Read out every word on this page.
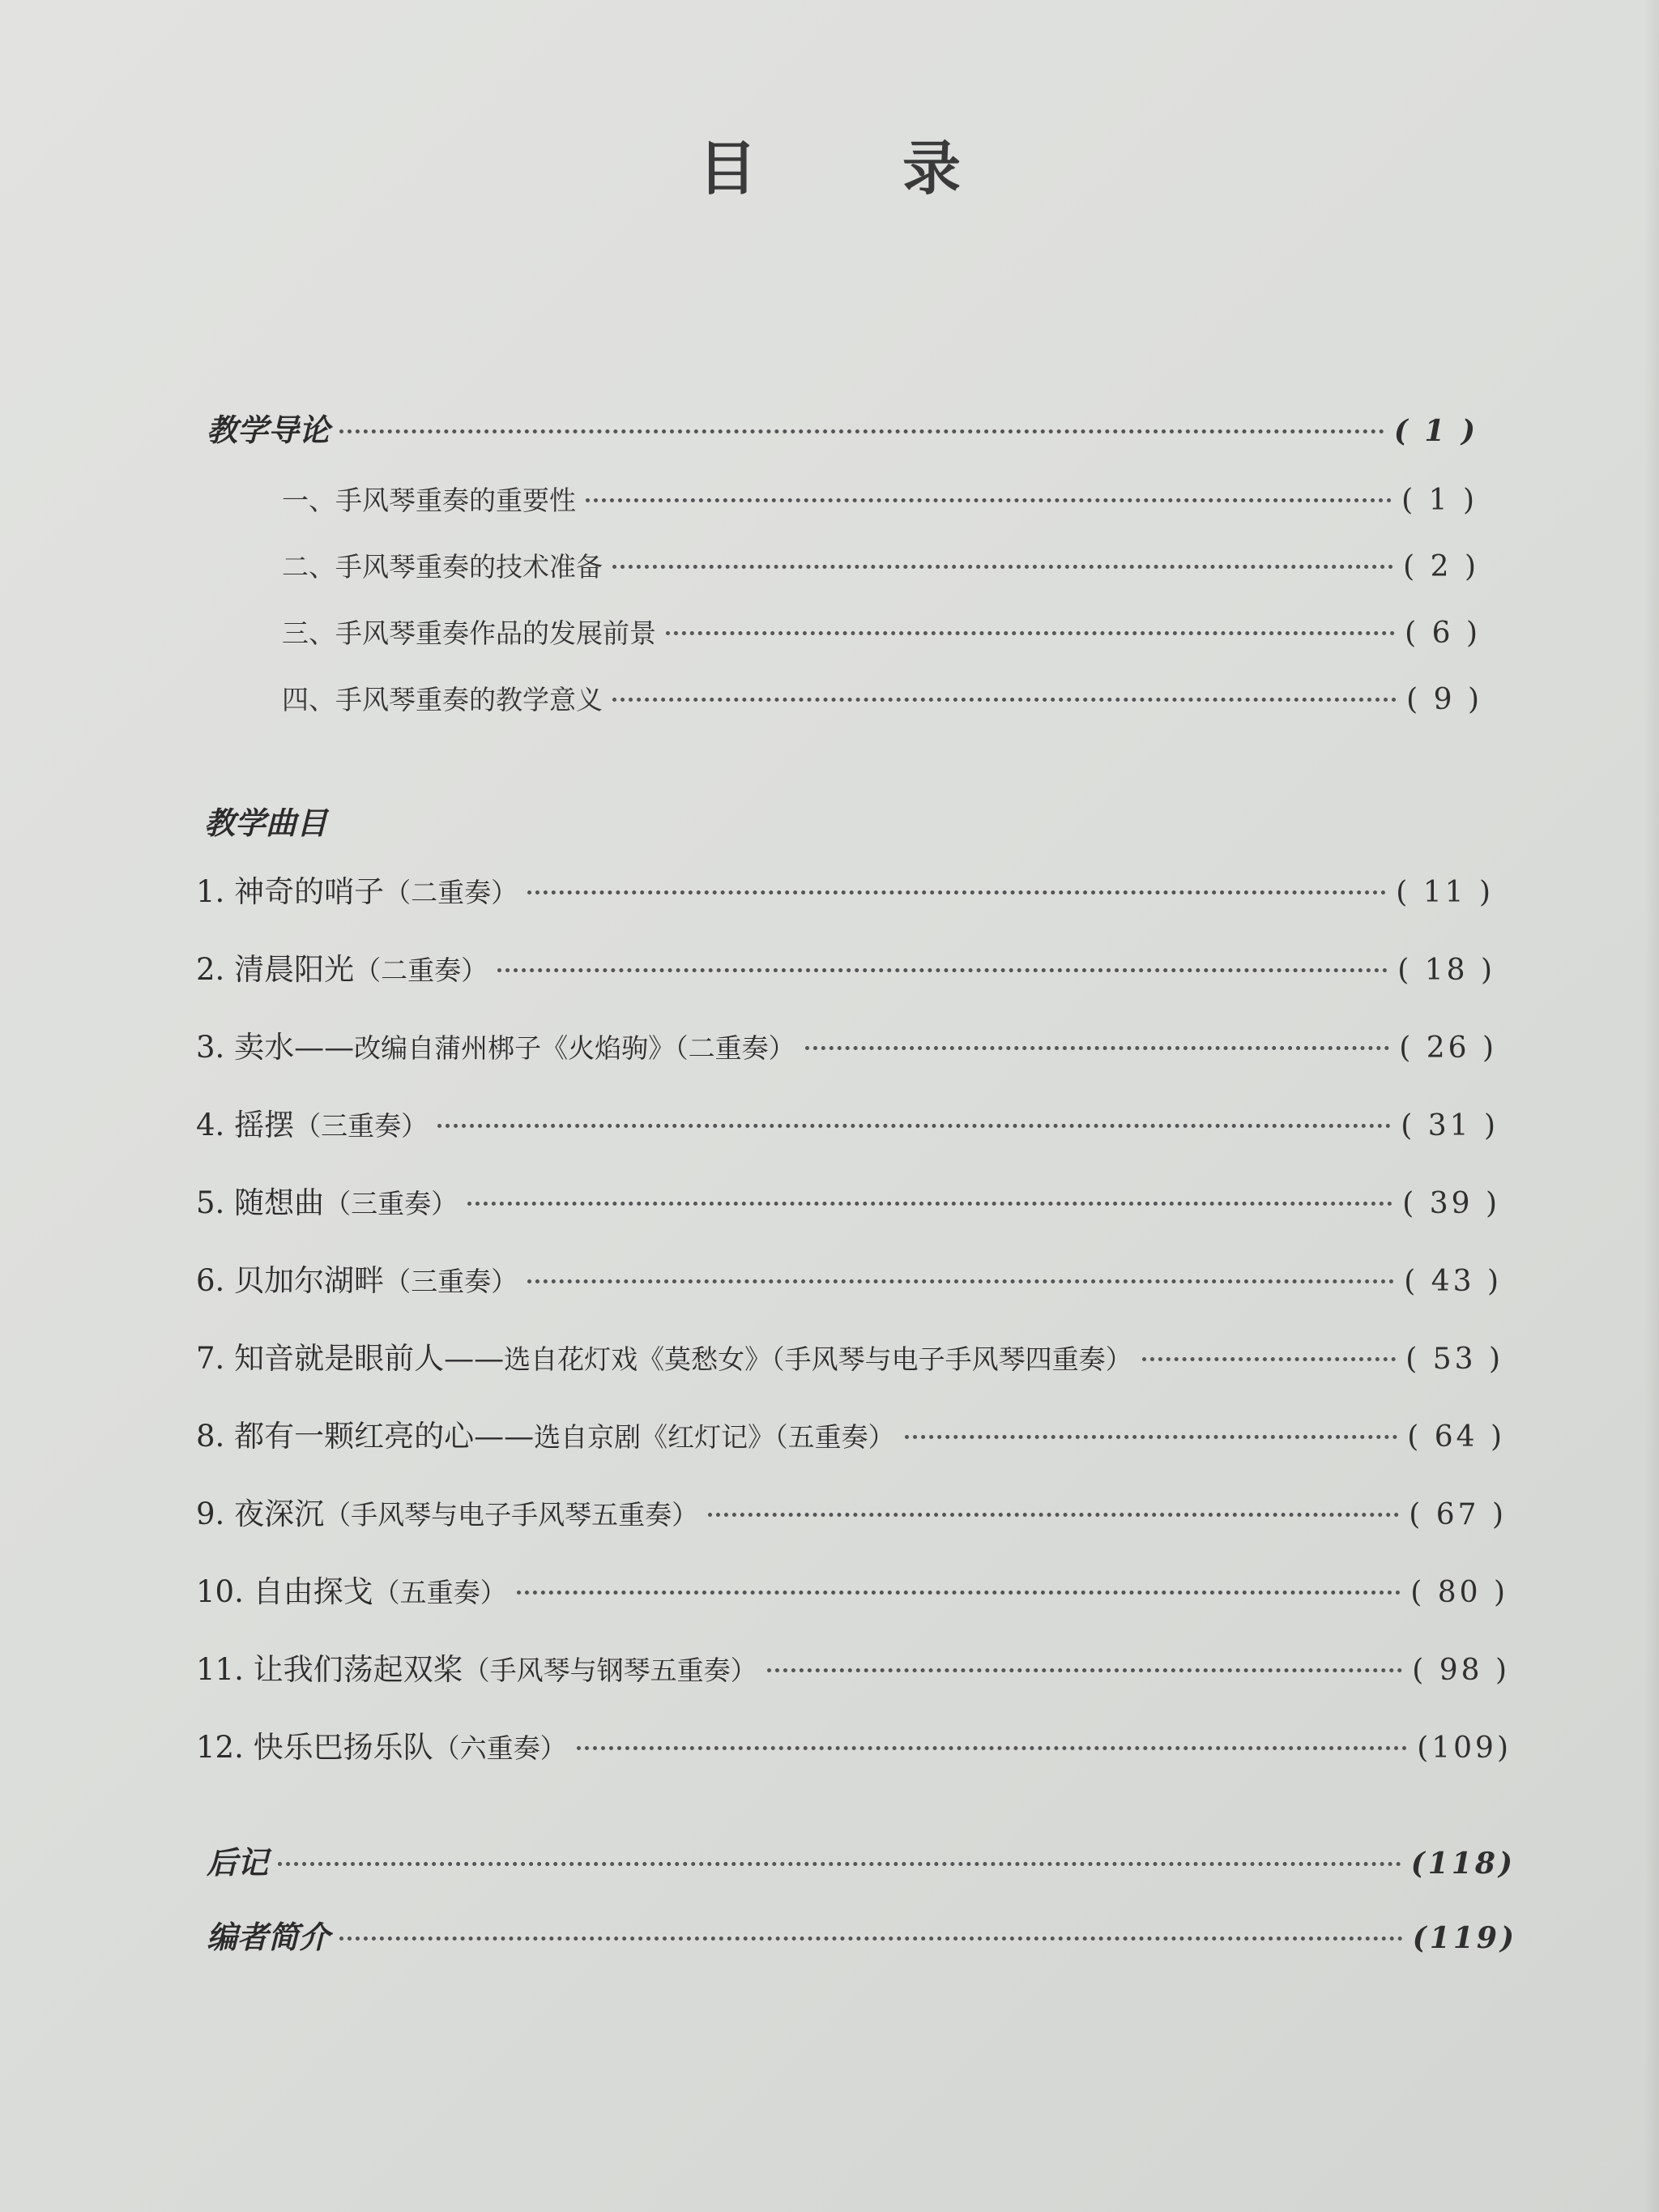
目	录
教学导论	( 1 )
一、手风琴重奏的重要性	( 1 )
二、手风琴重奏的技术准备	( 2 )
三、手风琴重奏作品的发展前景	( 6 )
四、手风琴重奏的教学意义	( 9 )
教学曲目
1. 神奇的哨子（二重奏）	( 11 )
2. 清晨阳光（二重奏）	( 18 )
3. 卖水——改编自蒲州梆子《火焰驹》（二重奏）	( 26 )
4. 摇摆（三重奏）	( 31 )
5. 随想曲（三重奏）	( 39 )
6. 贝加尔湖畔（三重奏）	( 43 )
7. 知音就是眼前人——选自花灯戏《莫愁女》（手风琴与电子手风琴四重奏）	( 53 )
8. 都有一颗红亮的心——选自京剧《红灯记》（五重奏）	( 64 )
9. 夜深沉（手风琴与电子手风琴五重奏）	( 67 )
10. 自由探戈（五重奏）	( 80 )
11. 让我们荡起双桨（手风琴与钢琴五重奏）	( 98 )
12. 快乐巴扬乐队（六重奏）	(109)
后记	(118)
编者简介	(119)
